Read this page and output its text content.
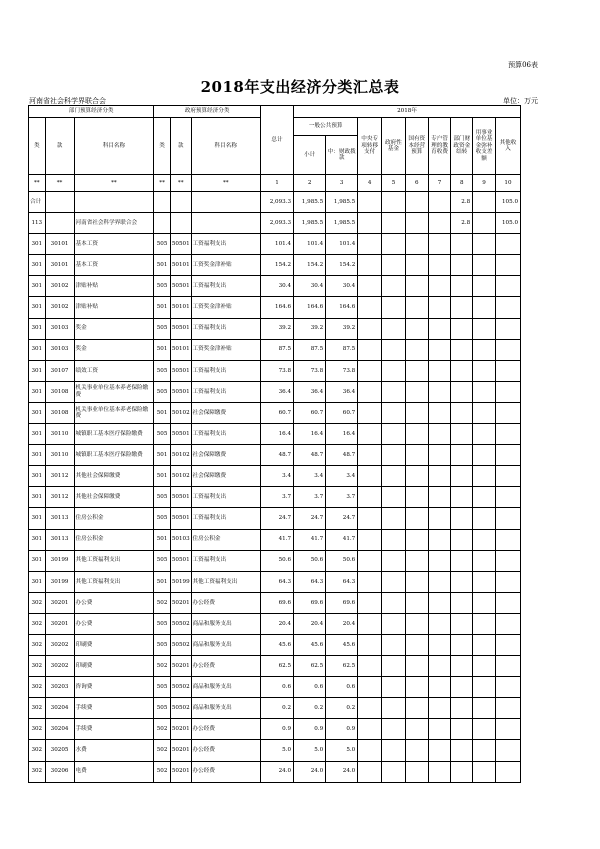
预算06表
2018年支出经济分类汇总表
河南省社会科学界联合会	单位：万元
部门预算经济分类			政府预算经济分类			总计	2018年								
类	款	科目名称	类	款	科目名称		一般公共预算		中央专项转移支付	政府性基金	国有资本经营预算	专户管理的教育收费	部门财政资金结转	用事业单位基金弥补收支差额	其他收入
							小计	中：财政拨款							
**	**	**	**	**	**	1	2	3	4	5	6	7	8	9	10
合计						2,093.3	1,985.5	1,985.5					2.8		105.0
113		河南省社会科学界联合会				2,093.3	1,985.5	1,985.5					2.8		105.0
301	30101	基本工资	505	50501	工资福利支出	101.4	101.4	101.4							
301	30101	基本工资	501	50101	工资奖金津补贴	154.2	154.2	154.2							
301	30102	津贴补贴	505	50501	工资福利支出	30.4	30.4	30.4							
301	30102	津贴补贴	501	50101	工资奖金津补贴	164.6	164.6	164.6							
301	30103	奖金	505	50501	工资福利支出	39.2	39.2	39.2							
301	30103	奖金	501	50101	工资奖金津补贴	87.5	87.5	87.5							
301	30107	绩效工资	505	50501	工资福利支出	73.8	73.8	73.8							
301	30108	机关事业单位基本养老保险缴费	505	50501	工资福利支出	36.4	36.4	36.4							
301	30108	机关事业单位基本养老保险缴费	501	50102	社会保障缴费	60.7	60.7	60.7							
301	30110	城镇职工基本医疗保险缴费	505	50501	工资福利支出	16.4	16.4	16.4							
301	30110	城镇职工基本医疗保险缴费	501	50102	社会保障缴费	48.7	48.7	48.7							
301	30112	其他社会保障缴费	501	50102	社会保障缴费	3.4	3.4	3.4							
301	30112	其他社会保障缴费	505	50501	工资福利支出	3.7	3.7	3.7							
301	30113	住房公积金	505	50501	工资福利支出	24.7	24.7	24.7							
301	30113	住房公积金	501	50103	住房公积金	41.7	41.7	41.7							
301	30199	其他工资福利支出	505	50501	工资福利支出	50.6	50.6	50.6							
301	30199	其他工资福利支出	501	50199	其他工资福利支出	64.3	64.3	64.3							
302	30201	办公费	502	50201	办公经费	69.6	69.6	69.6							
302	30201	办公费	505	50502	商品和服务支出	20.4	20.4	20.4							
302	30202	印刷费	505	50502	商品和服务支出	45.6	45.6	45.6							
302	30202	印刷费	502	50201	办公经费	62.5	62.5	62.5							
302	30203	咨询费	505	50502	商品和服务支出	0.6	0.6	0.6							
302	30204	手续费	505	50502	商品和服务支出	0.2	0.2	0.2							
302	30204	手续费	502	50201	办公经费	0.9	0.9	0.9							
302	30205	水费	502	50201	办公经费	5.0	5.0	5.0							
302	30206	电费	502	50201	办公经费	24.0	24.0	24.0							
